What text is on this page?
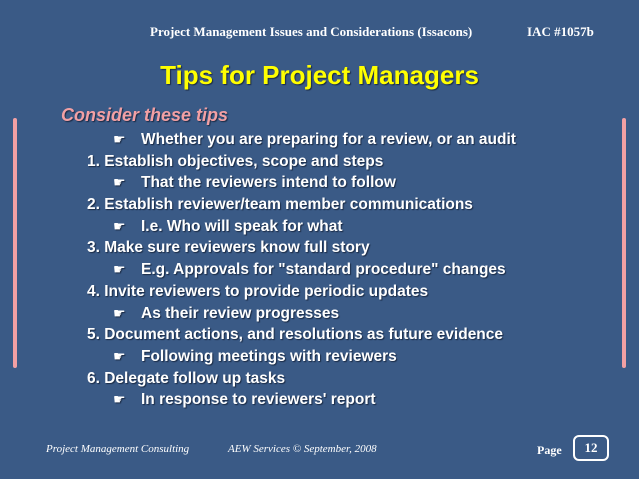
Project Management Issues and Considerations (Issacons)	IAC #1057b
Tips for Project Managers
Consider these tips
☛ Whether you are preparing for a review, or an audit
1. Establish objectives, scope and steps
☛ That the reviewers intend to follow
2. Establish reviewer/team member communications
☛ I.e. Who will speak for what
3. Make sure reviewers know full story
☛ E.g. Approvals for "standard procedure" changes
4. Invite reviewers to provide periodic updates
☛ As their review progresses
5. Document actions, and resolutions as future evidence
☛ Following meetings with reviewers
6. Delegate follow up tasks
☛ In response to reviewers' report
Project Management Consulting	AEW Services © September, 2008	Page	12
